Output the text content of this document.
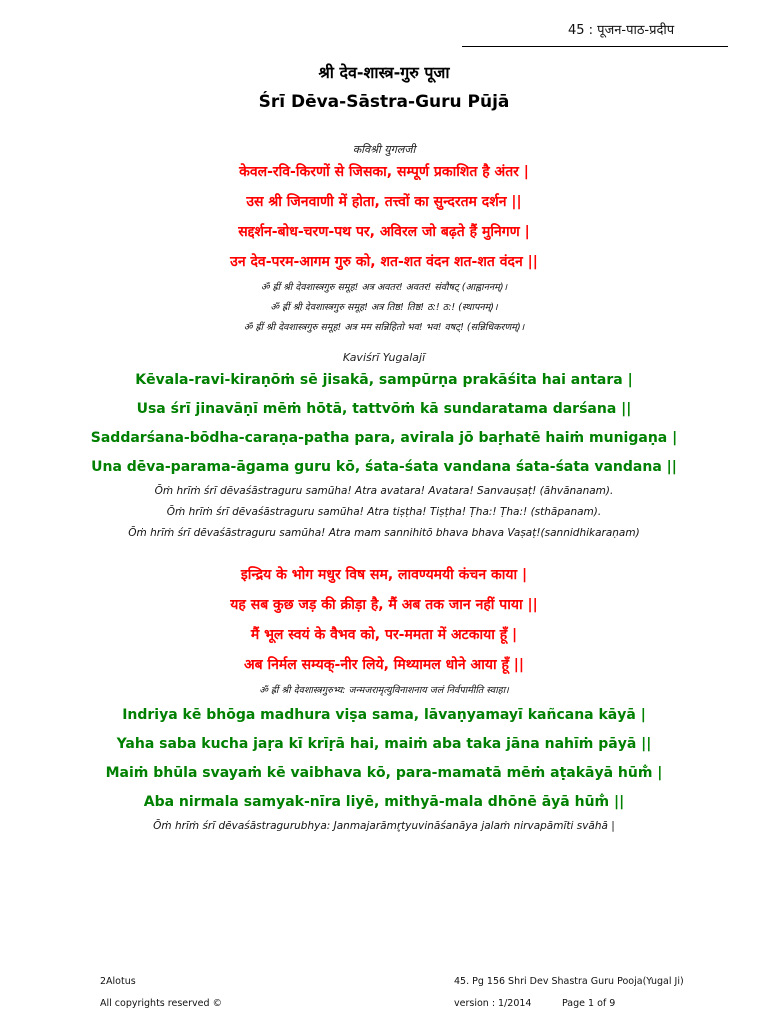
45 : पूजन-पाठ-प्रदीप
श्री देव-शास्त्र-गुरु पूजा
Śrī Dēva-Sāstra-Guru Pūjā
कविश्री युगलजी
केवल-रवि-किरणों से जिसका, सम्पूर्ण प्रकाशित है अंतर |
उस श्री जिनवाणी में होता, तत्त्वों का सुन्दरतम दर्शन ||
सद्दर्शन-बोध-चरण-पथ पर, अविरल जो बढ़ते हैं मुनिगण |
उन देव-परम-आगम गुरु को, शत-शत वंदन शत-शत वंदन ||
ॐ ह्रीं श्री देवशास्त्रगुरु समूह! अत्र अवतर! अवतर! संवौषट् (आह्वाननम्)।
ॐ ह्रीं श्री देवशास्त्रगुरु समूह! अत्र तिष्ठ! तिष्ठ! ठ:! ठ:! (स्थापनम्)।
ॐ ह्रीं श्री देवशास्त्रगुरु समूह! अत्र मम सन्निहितो भव! भव! वषट्! (सन्निधिकरणम्)।
Kaviśrī Yugalajī
Kēvala-ravi-kiraṇōṁ sē jisakā, sampūrṇa prakāśita hai antara |
Usa śrī jinavāṇī mēṁ hōtā, tattvōṁ kā sundaratama darśana ||
Saddarśana-bōdha-caraṇa-patha para, avirala jō baṛhatē haiṁ munigaṇa |
Una dēva-parama-āgama guru kō, śata-śata vandana śata-śata vandana ||
Ōṁ hrīṁ śrī dēvaśāstraguru samūha! Atra avatara! Avatara! Sanvauṣaṭ! (āhvānanam).
Ōṁ hrīṁ śrī dēvaśāstraguru samūha! Atra tiṣṭha! Tiṣṭha! Ṭha:! Ṭha:! (sthāpanam).
Ōṁ hrīṁ śrī dēvaśāstraguru samūha! Atra mam sannihitō bhava bhava Vaṣaṭ!(sannidhikaraṇam)
इन्द्रिय के भोग मधुर विष सम, लावण्यमयी कंचन काया |
यह सब कुछ जड़ की क्रीड़ा है, मैं अब तक जान नहीं पाया ||
मैं भूल स्वयं के वैभव को, पर-ममता में अटकाया हूँ |
अब निर्मल सम्यक्-नीर लिये, मिथ्यामल धोने आया हूँ ||
ॐ ह्रीं श्री देवशास्त्रगुरुभ्य: जन्मजरामृत्युविनाशनाय जलं निर्वपामीति स्वाहा।
Indriya kē bhōga madhura viṣa sama, lāvaṇyamayī kañcana kāyā |
Yaha saba kucha jaṛa kī krīṛā hai, maiṁ aba taka jāna nahīṁ pāyā ||
Maiṁ bhūla svayaṁ kē vaibhava kō, para-mamatā mēṁ aṭakāyā hūm̐ |
Aba nirmala samyak-nīra liyē, mithyā-mala dhōnē āyā hūm̐ ||
Ōṁ hrīṁ śrī dēvaśāstragurubhya: Janmajarāmr̥tyuvināśanāya jalaṁ nirvapāmīti svāhā |
2Alotus
All copyrights reserved ©
45. Pg 156 Shri Dev Shastra Guru Pooja(Yugal Ji)
version : 1/2014	Page 1 of 9
